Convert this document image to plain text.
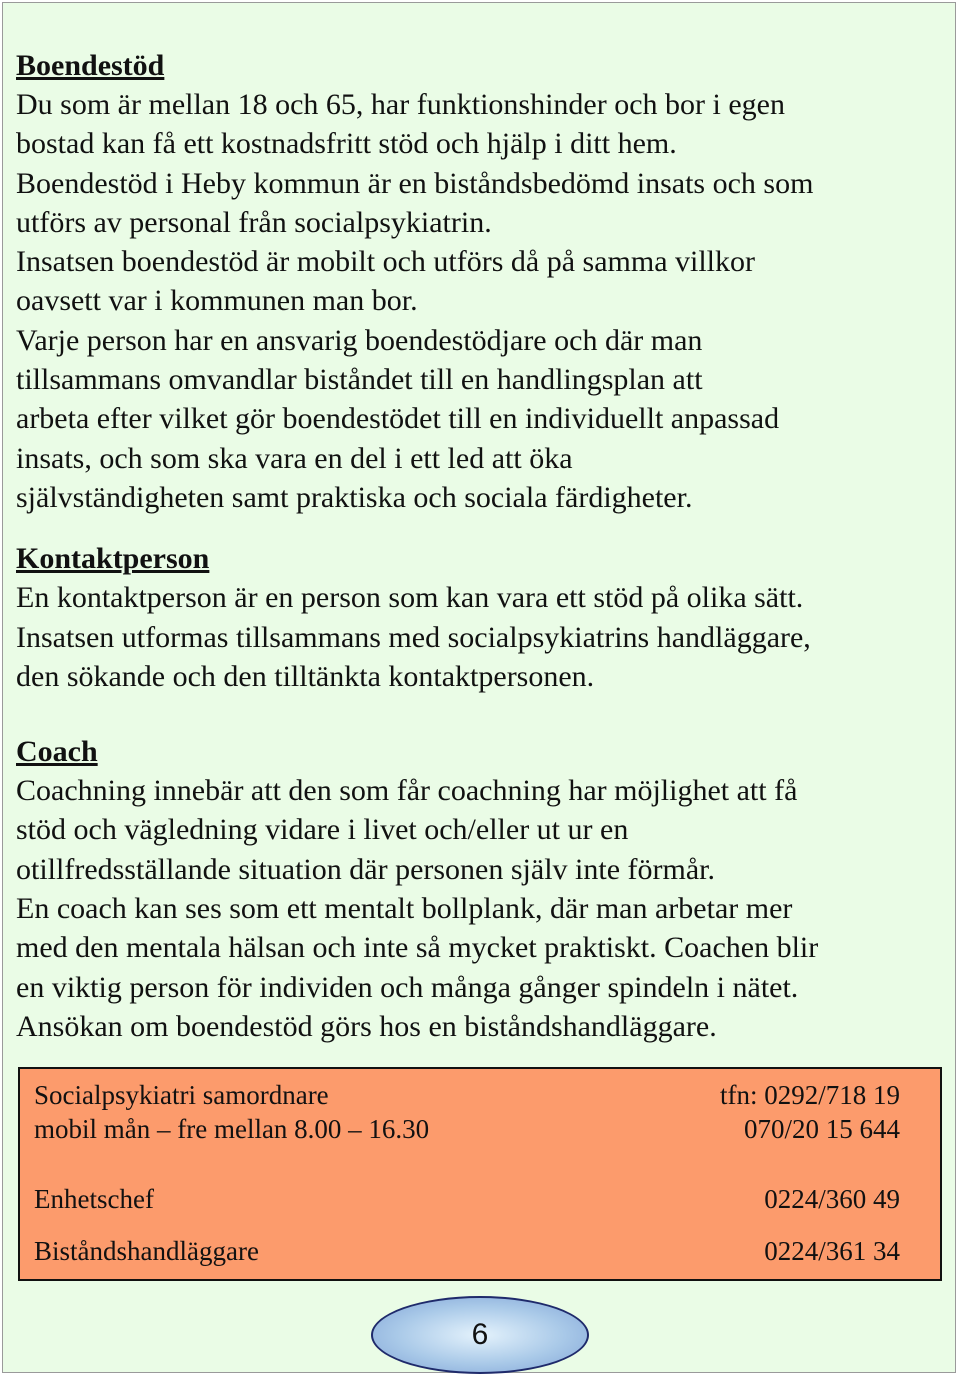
Boendestöd
Du som är mellan 18 och 65, har funktionshinder och bor i egen
bostad kan få ett kostnadsfritt stöd och hjälp i ditt hem.
Boendestöd i Heby kommun är en biståndsbedömd insats och som
utförs av personal från socialpsykiatrin.
Insatsen boendestöd är mobilt och utförs då på samma villkor
oavsett var i kommunen man bor.
Varje person har en ansvarig boendestödjare och där man
tillsammans omvandlar biståndet till en handlingsplan att
arbeta efter vilket gör boendestödet till en individuellt anpassad
insats, och som ska vara en del i ett led att öka
självständigheten samt praktiska och sociala färdigheter.
Kontaktperson
En kontaktperson är en person som kan vara ett stöd på olika sätt.
Insatsen utformas tillsammans med socialpsykiatrins handläggare,
den sökande och den tilltänkta kontaktpersonen.
Coach
Coachning innebär att den som får coachning har möjlighet att få
stöd och vägledning vidare i livet och/eller ut ur en
otillfredsställande situation där personen själv inte förmår.
En coach kan ses som ett mentalt bollplank, där man arbetar mer
med den mentala hälsan och inte så mycket praktiskt. Coachen blir
en viktig person för individen och många gånger spindeln i nätet.
Ansökan om boendestöd görs hos en biståndshandläggare.
Socialpsykiatri samordnare	tfn: 0292/718 19
mobil mån – fre mellan 8.00 – 16.30	070/20 15 644
Enhetschef	0224/360 49
Biståndshandläggare	0224/361 34
6
